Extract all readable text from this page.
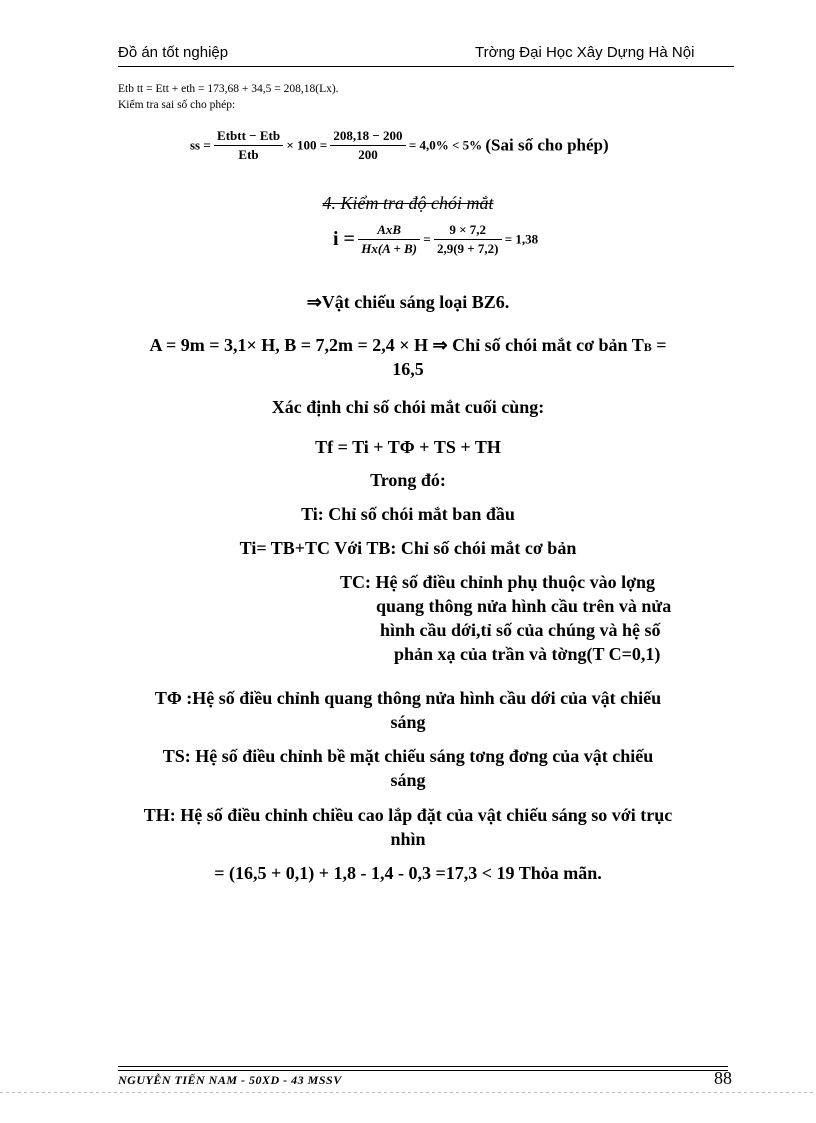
Đồ án tốt nghiệp	Trờng Đại Học Xây Dựng Hà Nội
Etb tt = Ett + eth = 173,68 + 34,5 = 208,18(Lx).
Kiểm tra sai số cho phép:
ss = $\frac{\text{Etbtt − Etb}}{\text{Etb}} \times 100 = \frac{208,18 - 200}{200} = 4,0\% < 5\%$ (Sai số cho phép)
4. Kiểm tra độ chói mắt
$i = \frac{\text{AxB}}{Hx(A + B)} = \frac{9 \times 7,2}{2,9(9 + 7,2)} = 1,38$
⇒Vật chiếu sáng loại BZ6.
A = 9m = 3,1× H, B = 7,2m = 2,4 × H ⇒ Chỉ số chói mắt cơ bản TB =
16,5
Xác định chỉ số chói mắt cuối cùng:
Tf = Ti + TΦ + TS + TH
Trong đó:
Ti: Chỉ số chói mắt ban đầu
Ti= TB+TC Với TB: Chỉ số chói mắt cơ bản
TC: Hệ số điều chỉnh phụ thuộc vào lợng
quang thông nửa hình cầu trên và nửa
hình cầu dới,tỉ số của chúng và hệ số
phản xạ của trần và tờng(T C=0,1)
TΦ :Hệ số điều chỉnh quang thông nửa hình cầu dới của vật chiếu
sáng
TS: Hệ số điều chỉnh bề mặt chiếu sáng tơng đơng của vật chiếu
sáng
TH: Hệ số điều chỉnh chiều cao lắp đặt của vật chiếu sáng so với trục
nhìn
= (16,5 + 0,1) + 1,8 - 1,4 - 0,3 =17,3 < 19 Thỏa mãn.
NGUYỄN TIẾN NAM - 50XD - 43 MSSV	88
